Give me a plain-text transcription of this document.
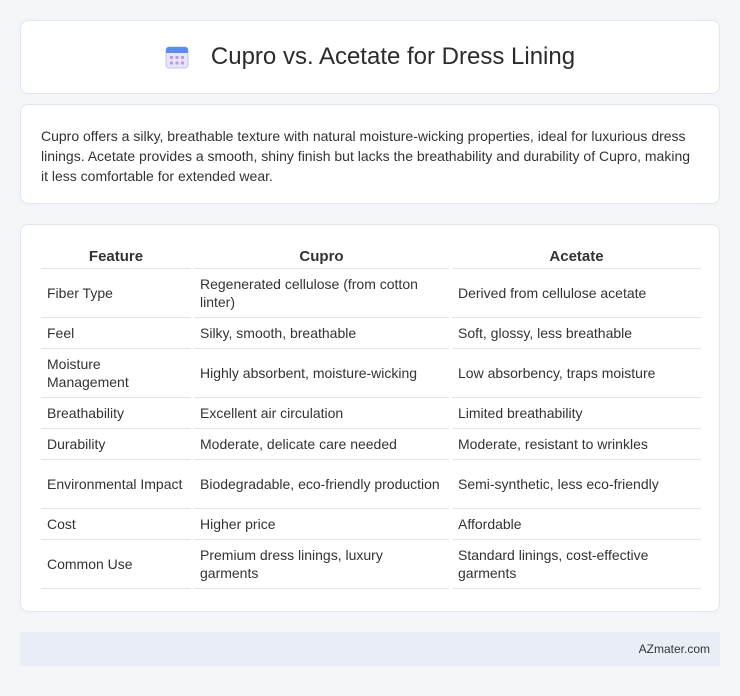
Cupro vs. Acetate for Dress Lining

Cupro offers a silky, breathable texture with natural moisture-wicking properties, ideal for luxurious dress linings. Acetate provides a smooth, shiny finish but lacks the breathability and durability of Cupro, making it less comfortable for extended wear.

Feature	Cupro	Acetate
Fiber Type	Regenerated cellulose (from cotton linter)	Derived from cellulose acetate
Feel	Silky, smooth, breathable	Soft, glossy, less breathable
Moisture Management	Highly absorbent, moisture-wicking	Low absorbency, traps moisture
Breathability	Excellent air circulation	Limited breathability
Durability	Moderate, delicate care needed	Moderate, resistant to wrinkles
Environmental Impact	Biodegradable, eco-friendly production	Semi-synthetic, less eco-friendly
Cost	Higher price	Affordable
Common Use	Premium dress linings, luxury garments	Standard linings, cost-effective garments
AZmater.com
